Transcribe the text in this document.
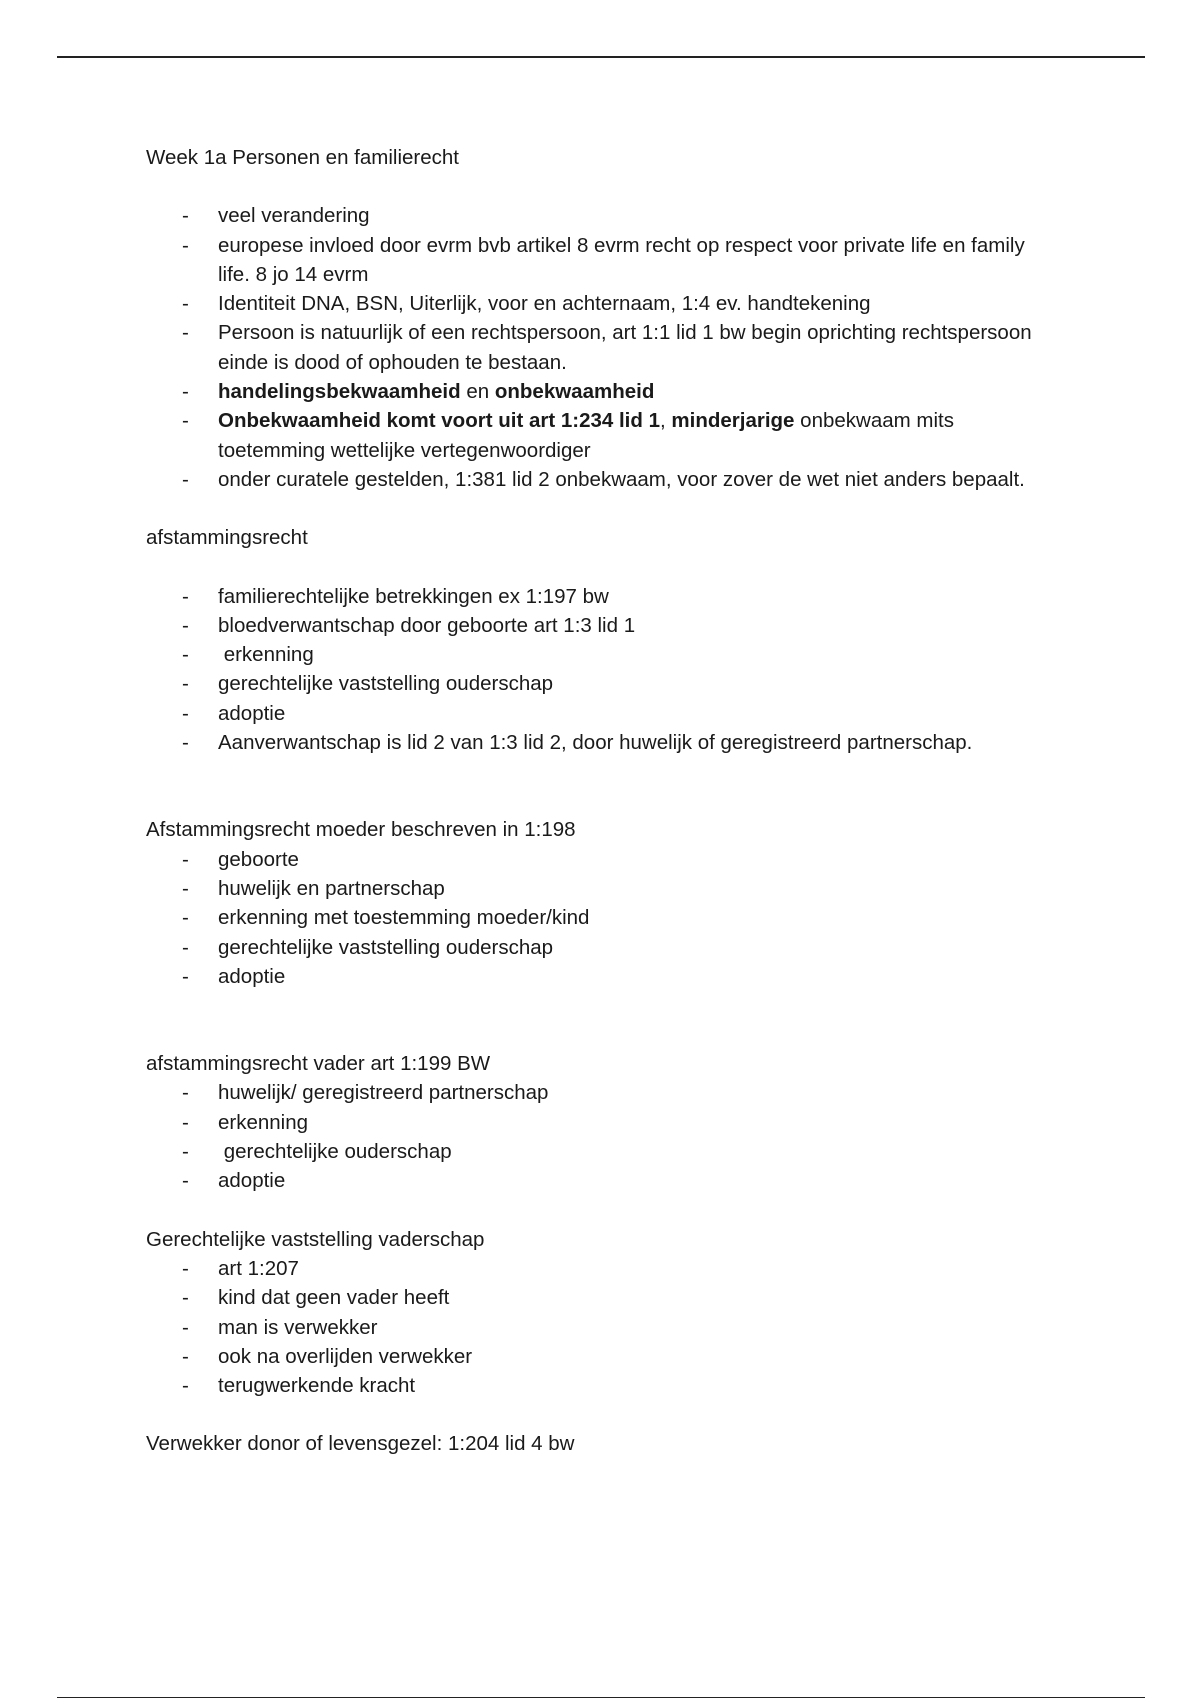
Week 1a Personen en familierecht

- veel verandering
- europese invloed door evrm bvb artikel 8 evrm recht op respect voor private life en family life. 8 jo 14 evrm
- Identiteit DNA, BSN, Uiterlijk, voor en achternaam, 1:4 ev. handtekening
- Persoon is natuurlijk of een rechtspersoon, art 1:1 lid 1 bw begin oprichting rechtspersoon einde is dood of ophouden te bestaan.
- handelingsbekwaamheid en onbekwaamheid
- Onbekwaamheid komt voort uit art 1:234 lid 1, minderjarige onbekwaam mits toetemming wettelijke vertegenwoordiger
- onder curatele gestelden, 1:381 lid 2 onbekwaam, voor zover de wet niet anders bepaalt.

afstammingsrecht

- familierechtelijke betrekkingen ex 1:197 bw
- bloedverwantschap door geboorte art 1:3 lid 1
- erkenning
- gerechtelijke vaststelling ouderschap
- adoptie
- Aanverwantschap is lid 2 van 1:3 lid 2, door huwelijk of geregistreerd partnerschap.

Afstammingsrecht moeder beschreven in 1:198

- geboorte
- huwelijk en partnerschap
- erkenning met toestemming moeder/kind
- gerechtelijke vaststelling ouderschap
- adoptie

afstammingsrecht vader art 1:199 BW

- huwelijk/ geregistreerd partnerschap
- erkenning
- gerechtelijke ouderschap
- adoptie

Gerechtelijke vaststelling vaderschap

- art 1:207
- kind dat geen vader heeft
- man is verwekker
- ook na overlijden verwekker
- terugwerkende kracht

Verwekker donor of levensgezel: 1:204 lid 4 bw
